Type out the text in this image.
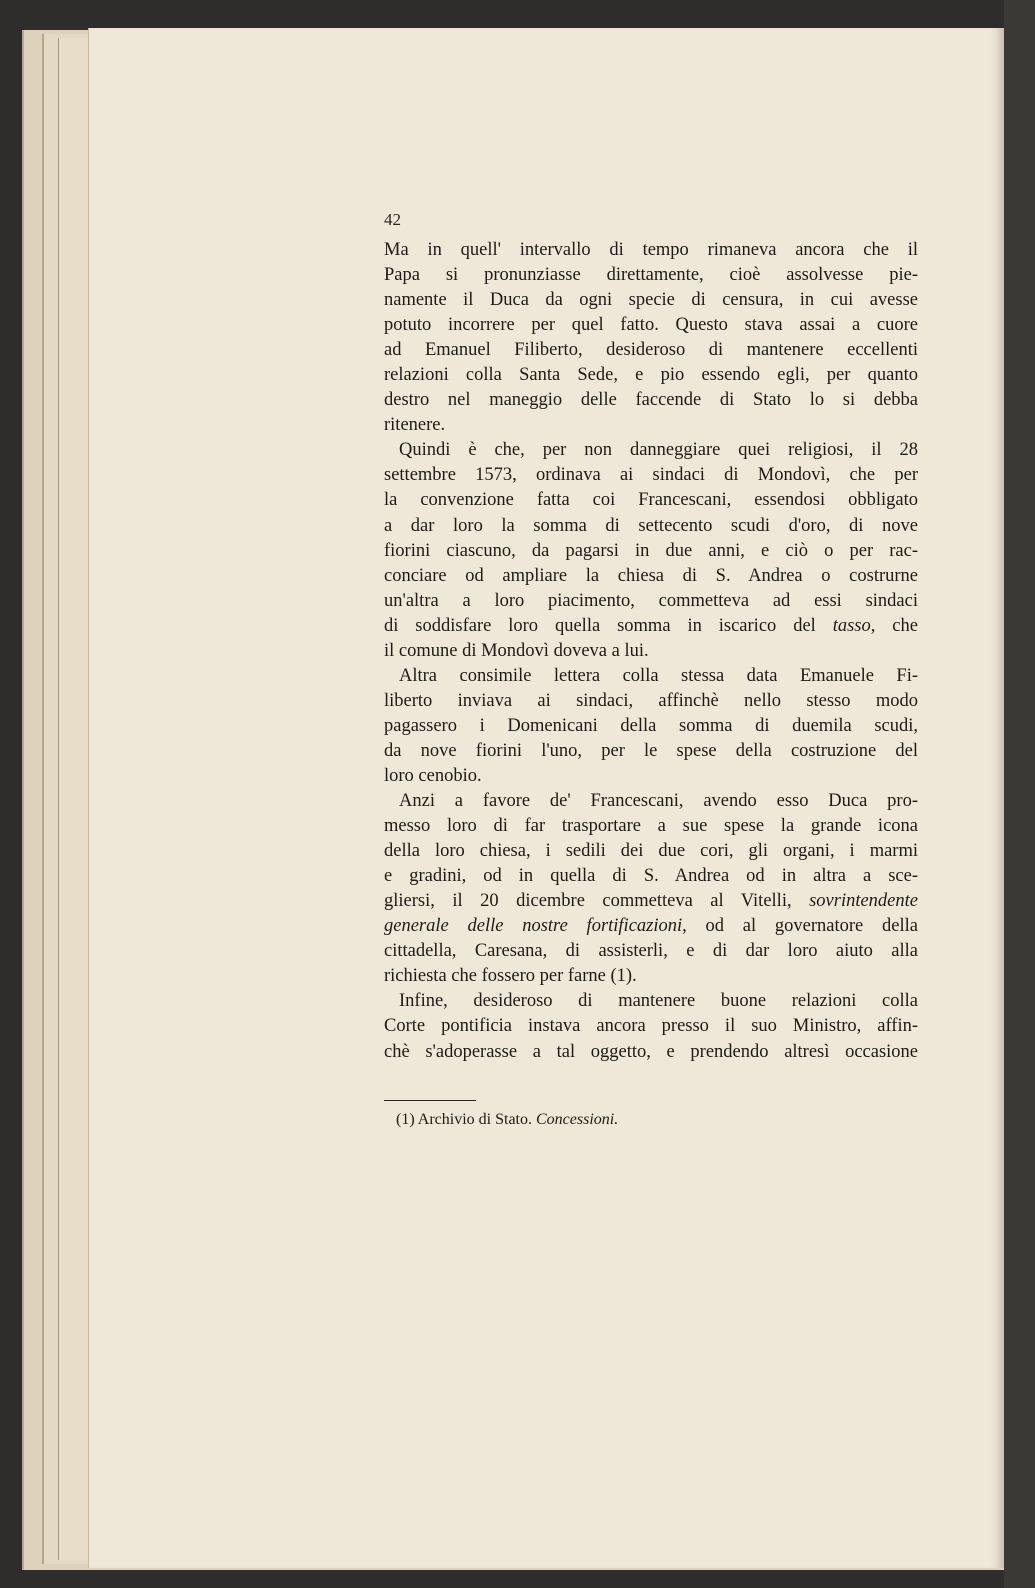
42
Ma in quell' intervallo di tempo rimaneva ancora che il
Papa si pronunziasse direttamente, cioè assolvesse pie-
namente il Duca da ogni specie di censura, in cui avesse
potuto incorrere per quel fatto. Questo stava assai a cuore
ad Emanuel Filiberto, desideroso di mantenere eccellenti
relazioni colla Santa Sede, e pio essendo egli, per quanto
destro nel maneggio delle faccende di Stato lo si debba
ritenere.
Quindi è che, per non danneggiare quei religiosi, il 28
settembre 1573, ordinava ai sindaci di Mondovì, che per
la convenzione fatta coi Francescani, essendosi obbligato
a dar loro la somma di settecento scudi d'oro, di nove
fiorini ciascuno, da pagarsi in due anni, e ciò o per rac-
conciare od ampliare la chiesa di S. Andrea o costrurne
un'altra a loro piacimento, commetteva ad essi sindaci
di soddisfare loro quella somma in iscarico del tasso, che
il comune di Mondovì doveva a lui.
Altra consimile lettera colla stessa data Emanuele Fi-
liberto inviava ai sindaci, affinchè nello stesso modo
pagassero i Domenicani della somma di duemila scudi,
da nove fiorini l'uno, per le spese della costruzione del
loro cenobio.
Anzi a favore de' Francescani, avendo esso Duca pro-
messo loro di far trasportare a sue spese la grande icona
della loro chiesa, i sedili dei due cori, gli organi, i marmi
e gradini, od in quella di S. Andrea od in altra a sce-
gliersi, il 20 dicembre commetteva al Vitelli, sovrintendente
generale delle nostre fortificazioni, od al governatore della
cittadella, Caresana, di assisterli, e di dar loro aiuto alla
richiesta che fossero per farne (1).
Infine, desideroso di mantenere buone relazioni colla
Corte pontificia instava ancora presso il suo Ministro, affin-
chè s'adoperasse a tal oggetto, e prendendo altresì occasione
(1) Archivio di Stato. Concessioni.
